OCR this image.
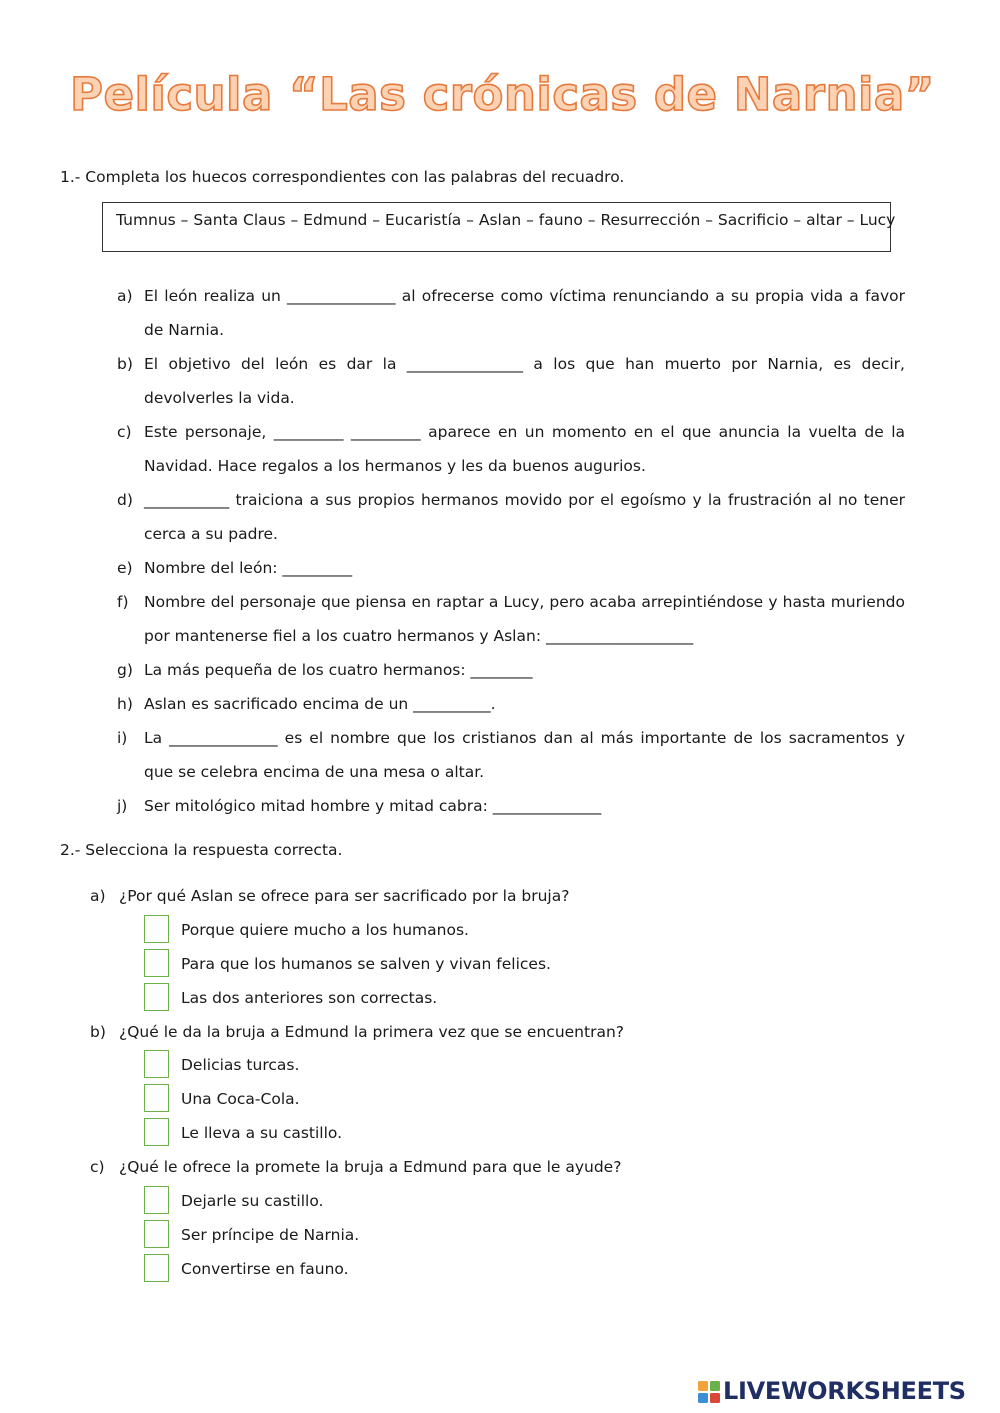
Película “Las crónicas de Narnia”
1.- Completa los huecos correspondientes con las palabras del recuadro.
Tumnus – Santa Claus – Edmund – Eucaristía – Aslan – fauno – Resurrección – Sacrificio – altar – Lucy
a) El león realiza un ______________ al ofrecerse como víctima renunciando a su propia vida a favor de Narnia.
b) El objetivo del león es dar la _______________ a los que han muerto por Narnia, es decir, devolverles la vida.
c) Este personaje, _________ _________ aparece en un momento en el que anuncia la vuelta de la Navidad. Hace regalos a los hermanos y les da buenos augurios.
d) ___________ traiciona a sus propios hermanos movido por el egoísmo y la frustración al no tener cerca a su padre.
e) Nombre del león: _________
f) Nombre del personaje que piensa en raptar a Lucy, pero acaba arrepintiéndose y hasta muriendo por mantenerse fiel a los cuatro hermanos y Aslan: ___________________
g) La más pequeña de los cuatro hermanos: ________
h) Aslan es sacrificado encima de un __________.
i) La ______________ es el nombre que los cristianos dan al más importante de los sacramentos y que se celebra encima de una mesa o altar.
j) Ser mitológico mitad hombre y mitad cabra: ______________
2.- Selecciona la respuesta correcta.
a) ¿Por qué Aslan se ofrece para ser sacrificado por la bruja?
Porque quiere mucho a los humanos.
Para que los humanos se salven y vivan felices.
Las dos anteriores son correctas.
b) ¿Qué le da la bruja a Edmund la primera vez que se encuentran?
Delicias turcas.
Una Coca-Cola.
Le lleva a su castillo.
c) ¿Qué le ofrece la promete la bruja a Edmund para que le ayude?
Dejarle su castillo.
Ser príncipe de Narnia.
Convertirse en fauno.
LIVEWORKSHEETS
